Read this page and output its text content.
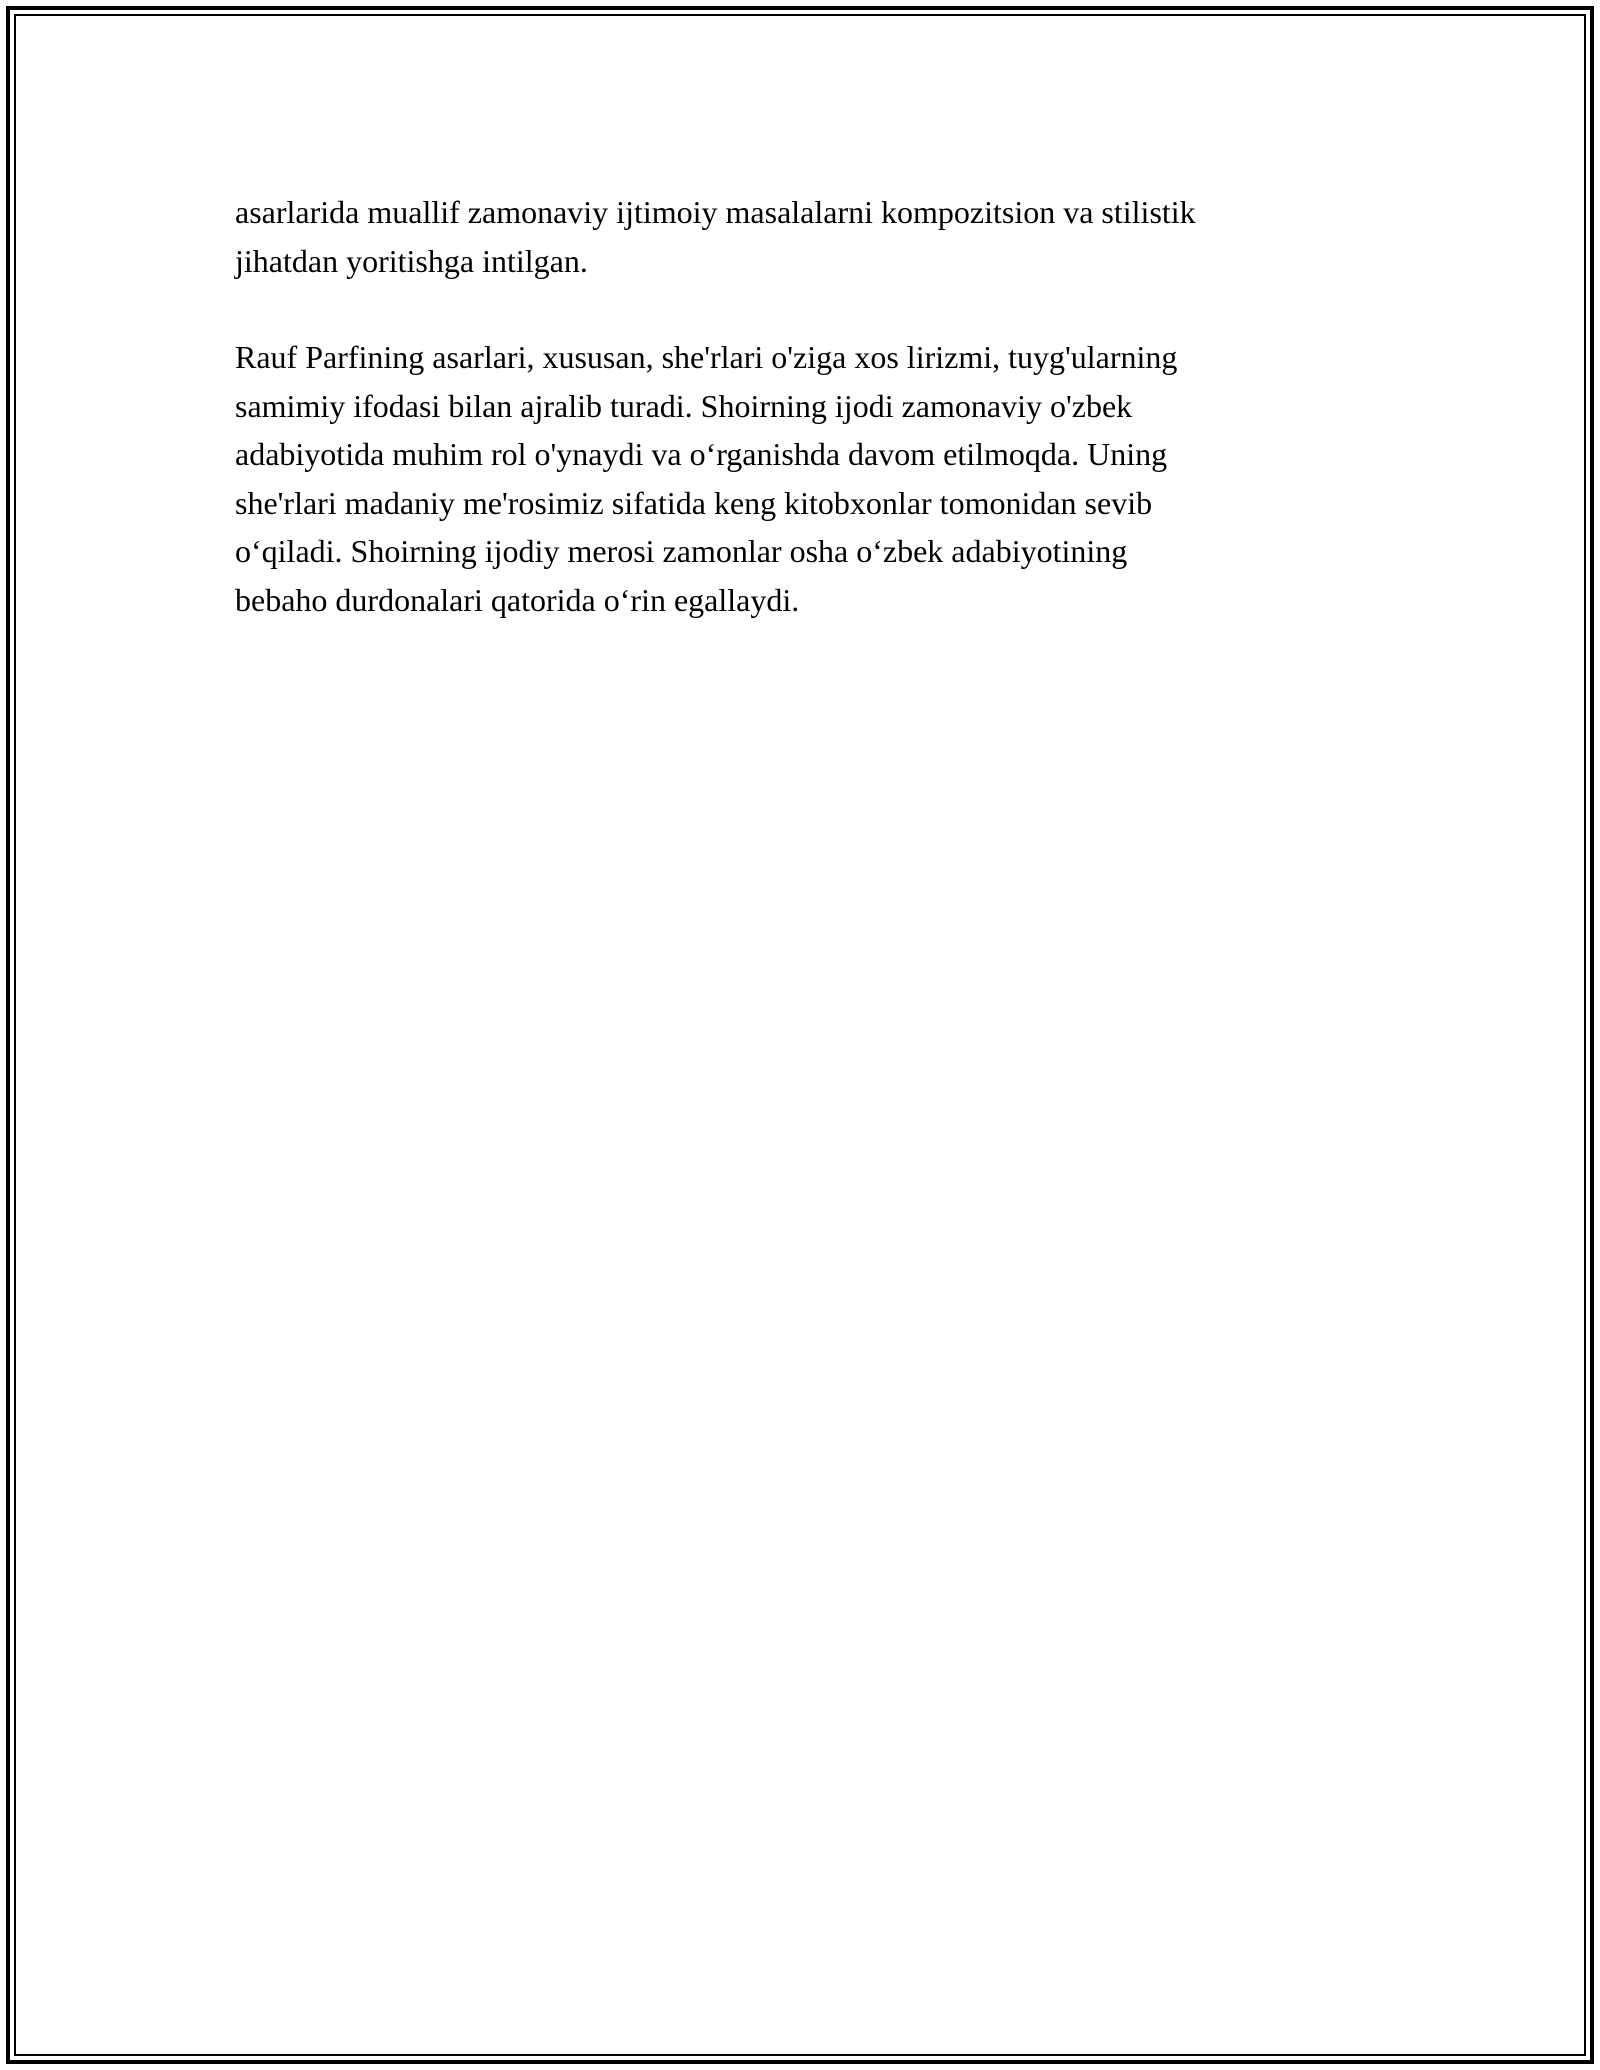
asarlarida muallif zamonaviy ijtimoiy masalalarni kompozitsion va stilistik
jihatdan yoritishga intilgan.

Rauf Parfining asarlari, xususan, she'rlari o'ziga xos lirizmi, tuyg'ularning
samimiy ifodasi bilan ajralib turadi. Shoirning ijodi zamonaviy o'zbek
adabiyotida muhim rol o'ynaydi va o‘rganishda davom etilmoqda. Uning
she'rlari madaniy me'rosimiz sifatida keng kitobxonlar tomonidan sevib
o‘qiladi. Shoirning ijodiy merosi zamonlar osha o‘zbek adabiyotining
bebaho durdonalari qatorida o‘rin egallaydi.
